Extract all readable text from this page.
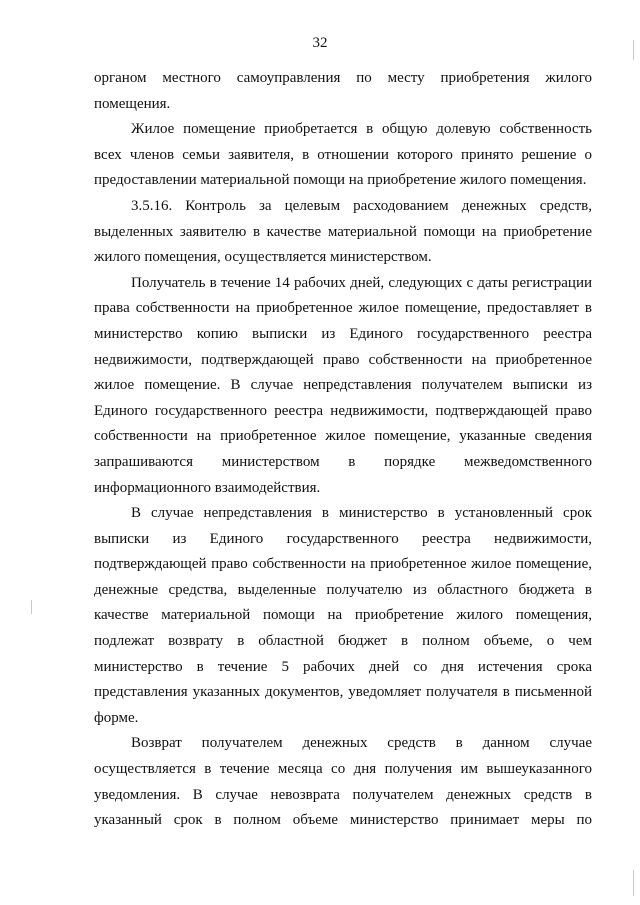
32

органом местного самоуправления по месту приобретения жилого помещения.

Жилое помещение приобретается в общую долевую собственность всех членов семьи заявителя, в отношении которого принято решение о предоставлении материальной помощи на приобретение жилого помещения.

3.5.16. Контроль за целевым расходованием денежных средств, выделенных заявителю в качестве материальной помощи на приобретение жилого помещения, осуществляется министерством.

Получатель в течение 14 рабочих дней, следующих с даты регистрации права собственности на приобретенное жилое помещение, предоставляет в министерство копию выписки из Единого государственного реестра недвижимости, подтверждающей право собственности на приобретенное жилое помещение. В случае непредставления получателем выписки из Единого государственного реестра недвижимости, подтверждающей право собственности на приобретенное жилое помещение, указанные сведения запрашиваются министерством в порядке межведомственного информационного взаимодействия.

В случае непредставления в министерство в установленный срок выписки из Единого государственного реестра недвижимости, подтверждающей право собственности на приобретенное жилое помещение, денежные средства, выделенные получателю из областного бюджета в качестве материальной помощи на приобретение жилого помещения, подлежат возврату в областной бюджет в полном объеме, о чем министерство в течение 5 рабочих дней со дня истечения срока представления указанных документов, уведомляет получателя в письменной форме.

Возврат получателем денежных средств в данном случае осуществляется в течение месяца со дня получения им вышеуказанного уведомления. В случае невозврата получателем денежных средств в указанный срок в полном объеме министерство принимает меры по
